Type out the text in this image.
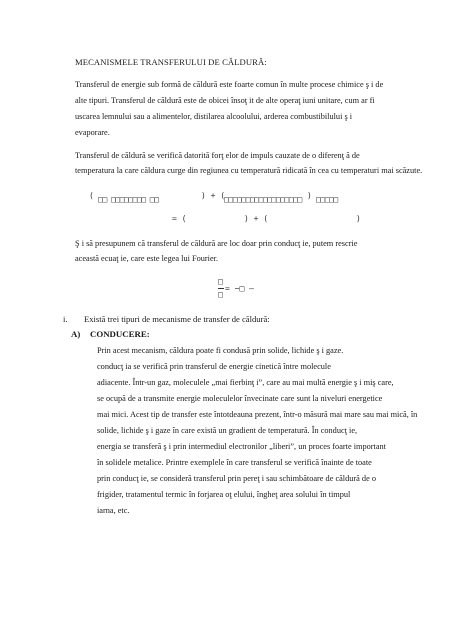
MECANISMELE TRANSFERULUI DE CĂLDURĂ:

Transferul de energie sub formă de căldură este foarte comun în multe procese chimice ş i de

alte tipuri. Transferul de căldură este de obicei însoţ it de alte operaţ iuni unitare, cum ar fi

uscarea lemnului sau a alimentelor, distilarea alcoolului, arderea combustibilului ş i

evaporare.

Transferul de căldură se verifică datorită forţ elor de impuls cauzate de o diferenţ ă de

temperatura la care căldura curge din regiunea cu temperatură ridicată în cea cu temperaturi mai scăzute.

( □□ □□□□□□□□ □□	) + (
□□□□□□□□□□□□□□□□□□ ) □□□□□
= (	) + (	)

Ş i să presupunem că transferul de căldură are loc doar prin conducţ ie, putem rescrie

această ecuaţ ie, care este legea lui Fourier.

□
□
= −□ —
i. Există trei tipuri de mecanisme de transfer de căldură:

A) CONDUCERE:

Prin acest mecanism, căldura poate fi condusă prin solide, lichide ş i gaze.

conducţ ia se verifică prin transferul de energie cinetică între molecule

adiacente. Într-un gaz, moleculele „mai fierbinţ i”, care au mai multă energie ş i miş care,

se ocupă de a transmite energie moleculelor învecinate care sunt la niveluri energetice

mai mici. Acest tip de transfer este întotdeauna prezent, într-o măsură mai mare sau mai mică, în

solide, lichide ş i gaze în care există un gradient de temperatură. În conducţ ie,

energia se transferă ş i prin intermediul electronilor „liberi”, un proces foarte important

în solidele metalice. Printre exemplele în care transferul se verifică înainte de toate

prin conducţ ie, se consideră transferul prin pereţ i sau schimbătoare de căldură de o

frigider, tratamentul termic în forjarea oţ elului, îngheţ area solului în timpul

iarna, etc.
